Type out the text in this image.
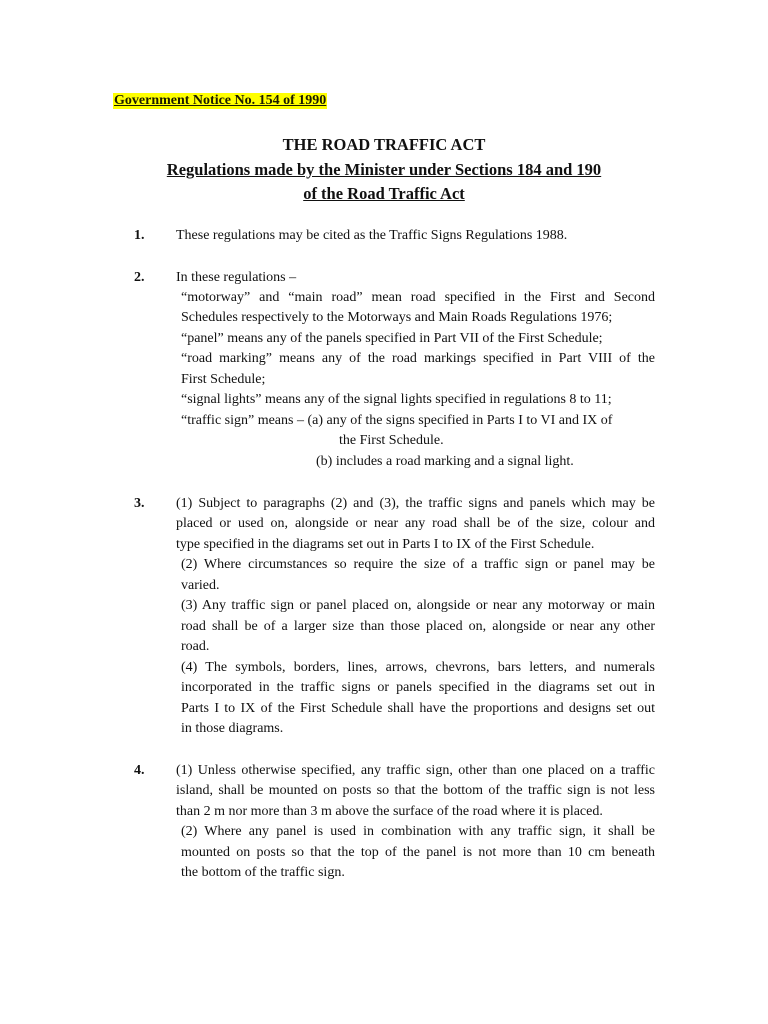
Government Notice No. 154 of 1990
THE ROAD TRAFFIC ACT
Regulations made by the Minister under Sections 184 and 190
of the Road Traffic Act
1. These regulations may be cited as the Traffic Signs Regulations 1988.
2. In these regulations –
“motorway” and “main road” mean road specified in the First and Second
Schedules respectively to the Motorways and Main Roads Regulations 1976;
“panel” means any of the panels specified in Part VII of the First Schedule;
“road marking” means any of the road markings specified in Part VIII of the
First Schedule;
“signal lights” means any of the signal lights specified in regulations 8 to 11;
“traffic sign” means – (a) any of the signs specified in Parts I to VI and IX of
the First Schedule.
(b) includes a road marking and a signal light.
3. (1) Subject to paragraphs (2) and (3), the traffic signs and panels which may be
placed or used on, alongside or near any road shall be of the size, colour and
type specified in the diagrams set out in Parts I to IX of the First Schedule.
(2) Where circumstances so require the size of a traffic sign or panel may be
varied.
(3) Any traffic sign or panel placed on, alongside or near any motorway or main
road shall be of a larger size than those placed on, alongside or near any other
road.
(4) The symbols, borders, lines, arrows, chevrons, bars letters, and numerals
incorporated in the traffic signs or panels specified in the diagrams set out in
Parts I to IX of the First Schedule shall have the proportions and designs set out
in those diagrams.
4. (1) Unless otherwise specified, any traffic sign, other than one placed on a traffic
island, shall be mounted on posts so that the bottom of the traffic sign is not less
than 2 m nor more than 3 m above the surface of the road where it is placed.
(2) Where any panel is used in combination with any traffic sign, it shall be
mounted on posts so that the top of the panel is not more than 10 cm beneath
the bottom of the traffic sign.
